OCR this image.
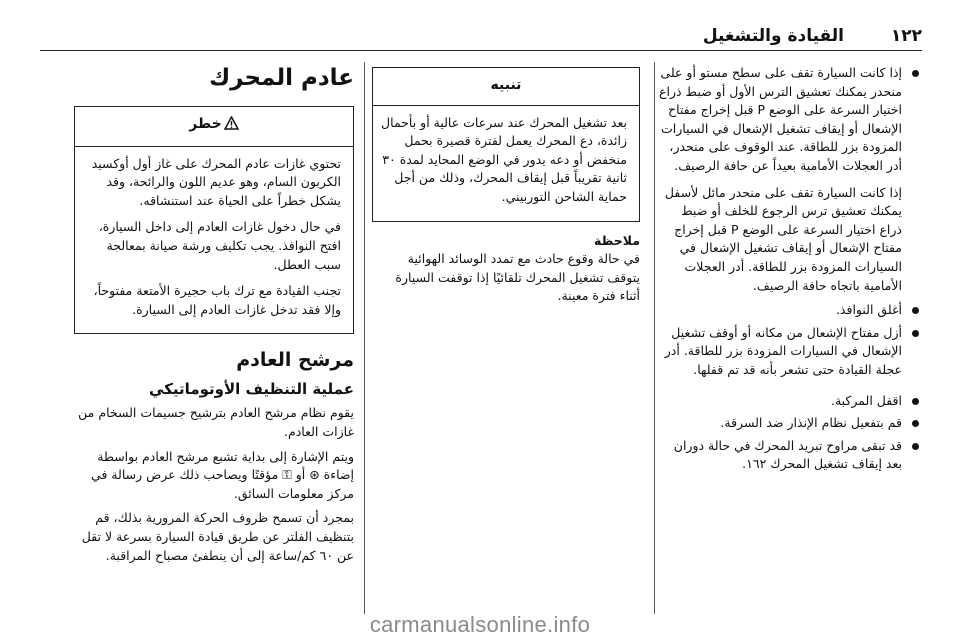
١٢٢
القيادة والتشغيل
إذا كانت السيارة تقف على سطح مستو أو على منحدر يمكنك تعشيق الترس الأول أو ضبط ذراع اختيار السرعة على الوضع P قبل إخراج مفتاح الإشعال أو إيقاف تشغيل الإشعال في السيارات المزودة بزر للطاقة. عند الوقوف على منحدر، أدر العجلات الأمامية بعيداً عن حافة الرصيف.
إذا كانت السيارة تقف على منحدر مائل لأسفل يمكنك تعشيق ترس الرجوع للخلف أو ضبط ذراع اختيار السرعة على الوضع P قبل إخراج مفتاح الإشعال أو إيقاف تشغيل الإشعال في السيارات المزودة بزر للطاقة. أدر العجلات الأمامية باتجاه حافة الرصيف.
أغلق النوافذ.
أزل مفتاح الإشعال من مكانه أو أوقف تشغيل الإشعال في السيارات المزودة بزر للطاقة. أدر عجلة القيادة حتى تشعر بأنه قد تم قفلها.
اقفل المركبة.
قم بتفعيل نظام الإنذار ضد السرقة.
قد تبقى مراوح تبريد المحرك في حالة دوران بعد إيقاف تشغيل المحرك ١٦٢.
تنبيه

بعد تشغيل المحرك عند سرعات عالية أو بأحمال زائدة، دع المحرك يعمل لفترة قصيرة بحمل منخفض أو دعه يدور في الوضع المحايد لمدة ٣٠ ثانية تقريباً قبل إيقاف المحرك، وذلك من أجل حماية الشاحن التوربيني.

ملاحظة
في حالة وقوع حادث مع تمدد الوسائد الهوائية يتوقف تشغيل المحرك تلقائيًا إذا توقفت السيارة أثناء فترة معينة.
عادم المحرك
خطر

تحتوي غازات عادم المحرك على غاز أول أوكسيد الكربون السام، وهو عديم اللون والرائحة، وقد يشكل خطراً على الحياة عند استنشاقه.

في حال دخول غازات العادم إلى داخل السيارة، افتح النوافذ. يجب تكليف ورشة صيانة بمعالجة سبب العطل.

تجنب القيادة مع ترك باب حجيرة الأمتعة مفتوحاً، وإلا فقد تدخل غازات العادم إلى السيارة.

مرشح العادم
عملية التنظيف الأوتوماتيكي
يقوم نظام مرشح العادم بترشيح جسيمات السخام من غازات العادم.
ويتم الإشارة إلى بداية تشبع مرشح العادم بواسطة إضاءة ⊛ أو ⚿ مؤقتًا ويصاحب ذلك عرض رسالة في مركز معلومات السائق.
بمجرد أن تسمح ظروف الحركة المرورية بذلك، قم بتنظيف الفلتر عن طريق قيادة السيارة بسرعة لا تقل عن ٦٠ كم/ساعة إلى أن ينطفئ مصباح المراقبة.
carmanualsonline.info
